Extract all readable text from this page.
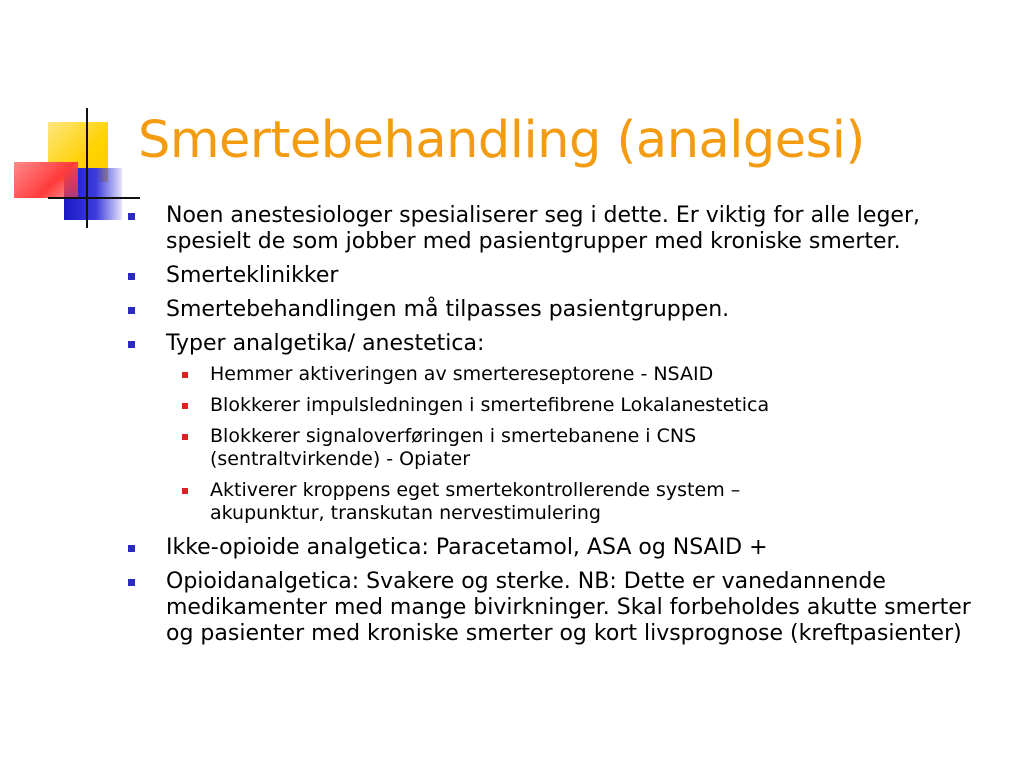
Smertebehandling (analgesi)
Noen anestesiologer spesialiserer seg i dette. Er viktig for alle leger, spesielt de som jobber med pasientgrupper med kroniske smerter.
Smerteklinikker
Smertebehandlingen må tilpasses pasientgruppen.
Typer analgetika/ anestetica:
Hemmer aktiveringen av smertereseptorene - NSAID
Blokkerer impulsledningen i smertefibrene Lokalanestetica
Blokkerer signaloverføringen i smertebanene i CNS (sentraltvirkende) - Opiater
Aktiverer kroppens eget smertekontrollerende system – akupunktur, transkutan nervestimulering
Ikke-opioide analgetica: Paracetamol, ASA og NSAID +
Opioidanalgetica: Svakere og sterke. NB: Dette er vanedannende medikamenter med mange bivirkninger. Skal forbeholdes akutte smerter og pasienter med kroniske smerter og kort livsprognose (kreftpasienter)
